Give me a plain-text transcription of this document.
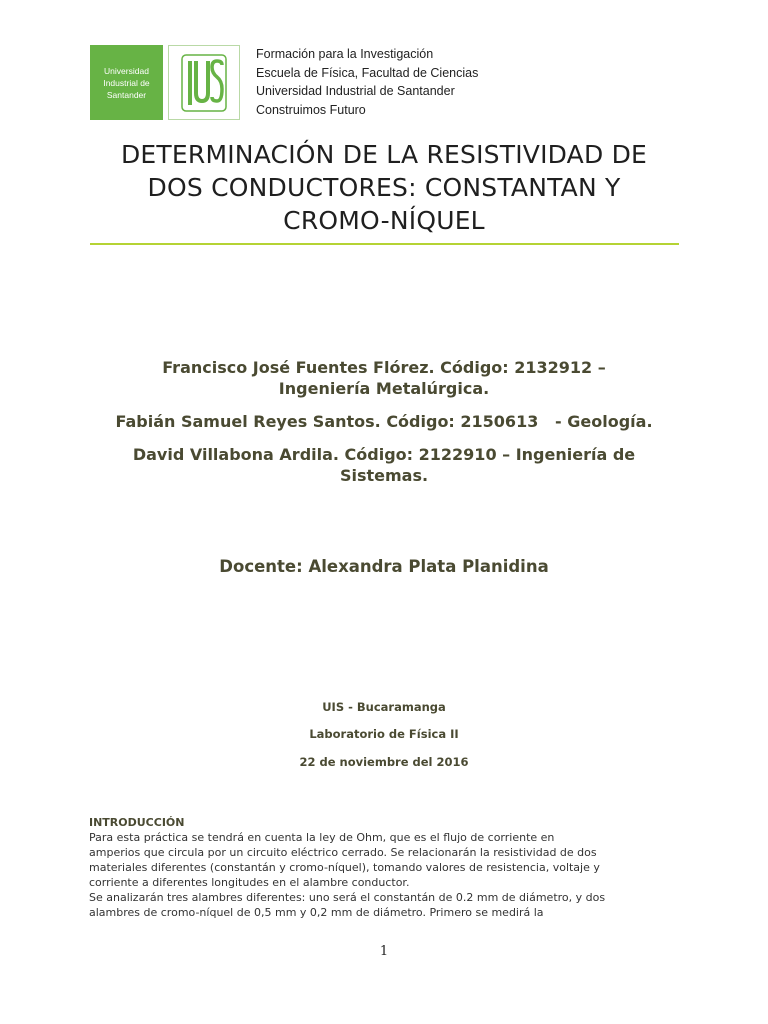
Universidad
Industrial de
Santander
Formación para la Investigación
Escuela de Física, Facultad de Ciencias
Universidad Industrial de Santander
Construimos Futuro
DETERMINACIÓN DE LA RESISTIVIDAD DE
DOS CONDUCTORES: CONSTANTAN Y
CROMO-NÍQUEL
Francisco José Fuentes Flórez. Código: 2132912 –
Ingeniería Metalúrgica.
Fabián Samuel Reyes Santos. Código: 2150613   - Geología.
David Villabona Ardila. Código: 2122910 – Ingeniería de
Sistemas.
Docente: Alexandra Plata Planidina
UIS - Bucaramanga
Laboratorio de Física II
22 de noviembre del 2016
INTRODUCCIÓN
Para esta práctica se tendrá en cuenta la ley de Ohm, que es el flujo de corriente en
amperios que circula por un circuito eléctrico cerrado. Se relacionarán la resistividad de dos
materiales diferentes (constantán y cromo-níquel), tomando valores de resistencia, voltaje y
corriente a diferentes longitudes en el alambre conductor.
Se analizarán tres alambres diferentes: uno será el constantán de 0.2 mm de diámetro, y dos
alambres de cromo-níquel de 0,5 mm y 0,2 mm de diámetro. Primero se medirá la
1
